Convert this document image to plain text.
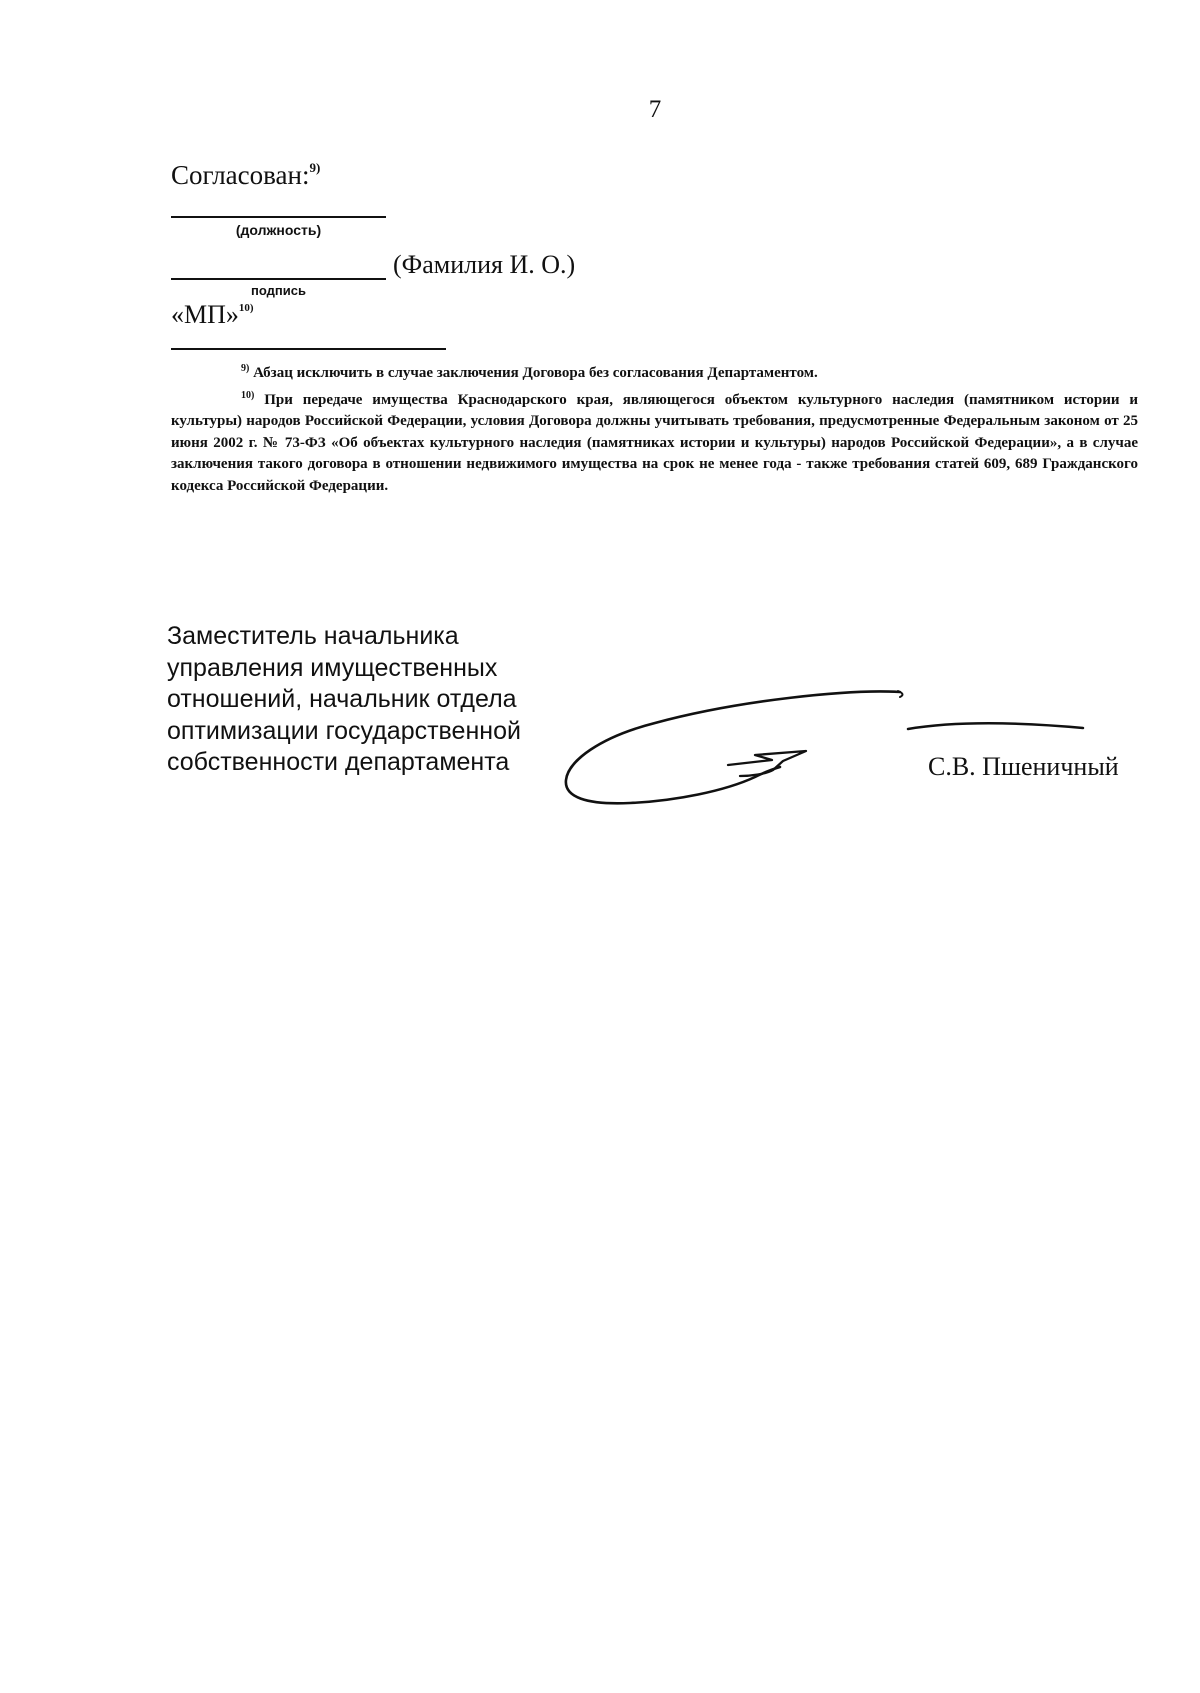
7
Согласован:$^{9)}$
(должность)
(Фамилия И. О.)
подпись
«МП»$^{10)}$

$^{9)}$ Абзац исключить в случае заключения Договора без согласования Департаментом.

$^{10)}$ При передаче имущества Краснодарского края, являющегося объектом культурного наследия (памятником истории и культуры) народов Российской Федерации, условия Договора должны учитывать требования, предусмотренные Федеральным законом от 25 июня 2002 г. № 73-ФЗ «Об объектах культурного наследия (памятниках истории и культуры) народов Российской Федерации», а в случае заключения такого договора в отношении недвижимого имущества на срок не менее года - также требования статей 609, 689 Гражданского кодекса Российской Федерации.

Заместитель начальника
управления имущественных
отношений, начальник отдела
оптимизации государственной
собственности департамента	С.В. Пшеничный
